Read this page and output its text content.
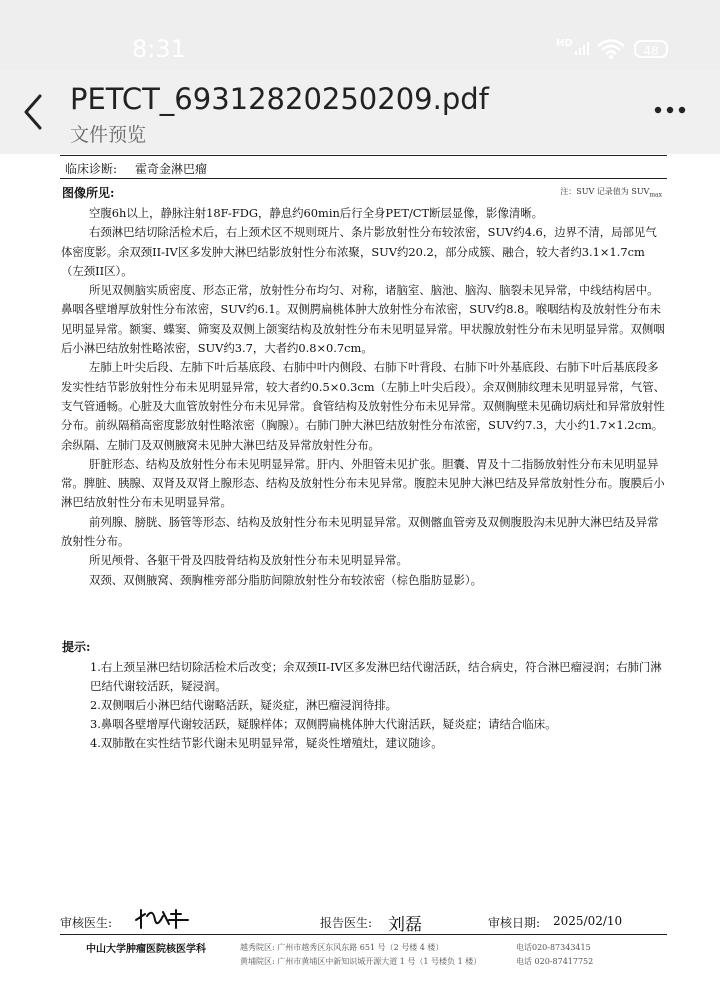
8:31	HD
48
PETCT_69312820250209.pdf
文件预览
临床诊断: 霍奇金淋巴瘤
图像所见:	注：SUV 记录值为 $SUV_{max}$

空腹6h以上，静脉注射18F-FDG，静息约60min后行全身PET/CT断层显像，影像清晰。

右颈淋巴结切除活检术后，右上颈术区不规则斑片、条片影放射性分布较浓密，SUV约4.6，边界不清，局部见气体密度影。余双颈II-IV区多发肿大淋巴结影放射性分布浓聚，SUV约20.2，部分成簇、融合，较大者约3.1×1.7cm（左颈II区）。

所见双侧脑实质密度、形态正常，放射性分布均匀、对称，诸脑室、脑池、脑沟、脑裂未见异常，中线结构居中。鼻咽各壁增厚放射性分布浓密，SUV约6.1。双侧腭扁桃体肿大放射性分布浓密，SUV约8.8。喉咽结构及放射性分布未见明显异常。额窦、蝶窦、筛窦及双侧上颌窦结构及放射性分布未见明显异常。甲状腺放射性分布未见明显异常。双侧咽后小淋巴结放射性略浓密，SUV约3.7，大者约0.8×0.7cm。

左肺上叶尖后段、左肺下叶后基底段、右肺中叶内侧段、右肺下叶背段、右肺下叶外基底段、右肺下叶后基底段多发实性结节影放射性分布未见明显异常，较大者约0.5×0.3cm（左肺上叶尖后段）。余双侧肺纹理未见明显异常，气管、支气管通畅。心脏及大血管放射性分布未见异常。食管结构及放射性分布未见异常。双侧胸壁未见确切病灶和异常放射性分布。前纵隔稍高密度影放射性略浓密（胸腺）。右肺门肿大淋巴结放射性分布浓密，SUV约7.3，大小约1.7×1.2cm。余纵隔、左肺门及双侧腋窝未见肿大淋巴结及异常放射性分布。

肝脏形态、结构及放射性分布未见明显异常。肝内、外胆管未见扩张。胆囊、胃及十二指肠放射性分布未见明显异常。脾脏、胰腺、双肾及双肾上腺形态、结构及放射性分布未见异常。腹腔未见肿大淋巴结及异常放射性分布。腹膜后小淋巴结放射性分布未见明显异常。

前列腺、膀胱、肠管等形态、结构及放射性分布未见明显异常。双侧髂血管旁及双侧腹股沟未见肿大淋巴结及异常放射性分布。

所见颅骨、各躯干骨及四肢骨结构及放射性分布未见明显异常。

双颈、双侧腋窝、颈胸椎旁部分脂肪间隙放射性分布较浓密（棕色脂肪显影）。

提示:

1.右上颈呈淋巴结切除活检术后改变；余双颈II-IV区多发淋巴结代谢活跃，结合病史，符合淋巴瘤浸润；右肺门淋巴结代谢较活跃，疑浸润。

2.双侧咽后小淋巴结代谢略活跃，疑炎症，淋巴瘤浸润待排。

3.鼻咽各壁增厚代谢较活跃，疑腺样体；双侧腭扁桃体肿大代谢活跃，疑炎症；请结合临床。

4.双肺散在实性结节影代谢未见明显异常，疑炎性增殖灶，建议随诊。

审核医生:	报告医生: 刘磊	审核日期: 2025/02/10
中山大学肿瘤医院核医学科	越秀院区: 广州市越秀区东风东路 651 号（2 号楼 4 楼）	电话020-87343415
黄埔院区: 广州市黄埔区中新知识城开源大道 1 号（1 号楼负 1 楼）	电话 020-87417752
